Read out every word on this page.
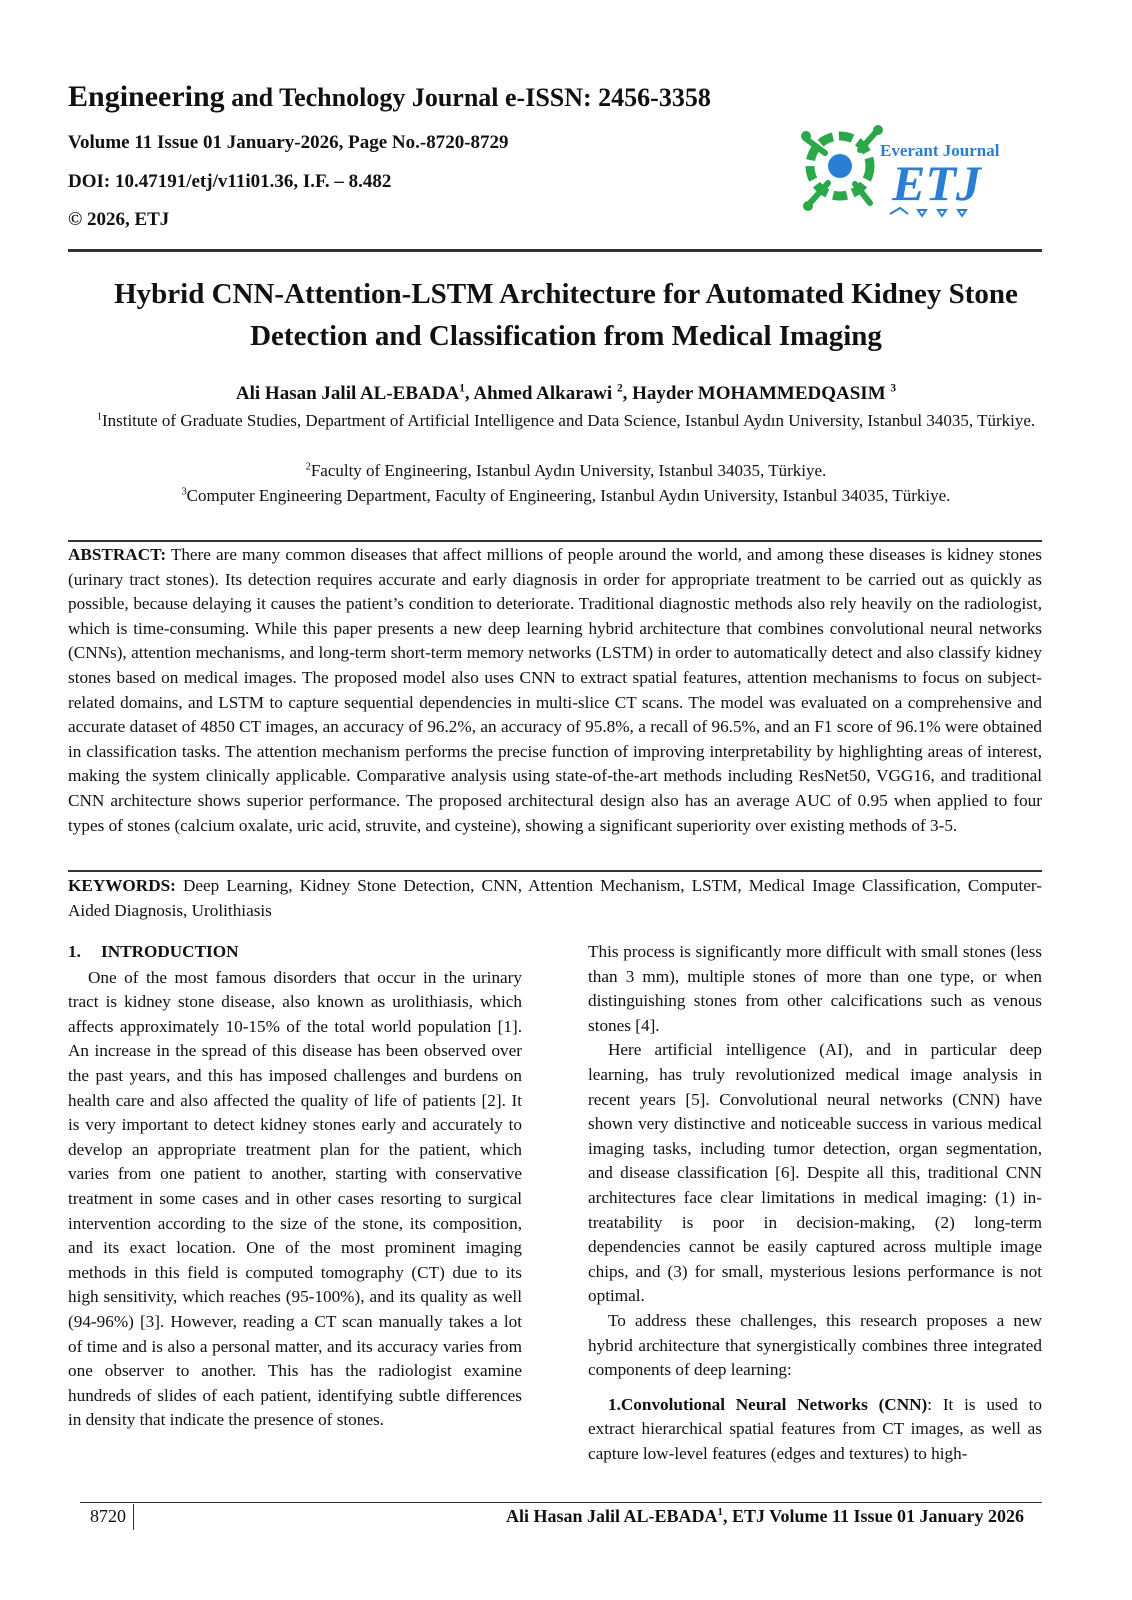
Engineering and Technology Journal e-ISSN: 2456-3358

Volume 11 Issue 01 January-2026, Page No.-8720-8729

DOI: 10.47191/etj/v11i01.36, I.F. – 8.482

© 2026, ETJ

Everant Journal
ETJ
Hybrid CNN-Attention-LSTM Architecture for Automated Kidney Stone Detection and Classification from Medical Imaging
Ali Hasan Jalil AL-EBADA$^1$, Ahmed Alkarawi $^2$, Hayder MOHAMMEDQASIM $^3$
$^1$Institute of Graduate Studies, Department of Artificial Intelligence and Data Science, Istanbul Aydın University, Istanbul 34035, Türkiye.
$^2$Faculty of Engineering, Istanbul Aydın University, Istanbul 34035, Türkiye.
$^3$Computer Engineering Department, Faculty of Engineering, Istanbul Aydın University, Istanbul 34035, Türkiye.

ABSTRACT: There are many common diseases that affect millions of people around the world, and among these diseases is kidney stones (urinary tract stones). Its detection requires accurate and early diagnosis in order for appropriate treatment to be carried out as quickly as possible, because delaying it causes the patient’s condition to deteriorate. Traditional diagnostic methods also rely heavily on the radiologist, which is time-consuming. While this paper presents a new deep learning hybrid architecture that combines convolutional neural networks (CNNs), attention mechanisms, and long-term short-term memory networks (LSTM) in order to automatically detect and also classify kidney stones based on medical images. The proposed model also uses CNN to extract spatial features, attention mechanisms to focus on subject- related domains, and LSTM to capture sequential dependencies in multi-slice CT scans. The model was evaluated on a comprehensive and accurate dataset of 4850 CT images, an accuracy of 96.2%, an accuracy of 95.8%, a recall of 96.5%, and an F1 score of 96.1% were obtained in classification tasks. The attention mechanism performs the precise function of improving interpretability by highlighting areas of interest, making the system clinically applicable. Comparative analysis using state-of-the-art methods including ResNet50, VGG16, and traditional CNN architecture shows superior performance. The proposed architectural design also has an average AUC of 0.95 when applied to four types of stones (calcium oxalate, uric acid, struvite, and cysteine), showing a significant superiority over existing methods of 3-5.

KEYWORDS: Deep Learning, Kidney Stone Detection, CNN, Attention Mechanism, LSTM, Medical Image Classification, Computer-Aided Diagnosis, Urolithiasis

1. INTRODUCTION

One of the most famous disorders that occur in the urinary tract is kidney stone disease, also known as urolithiasis, which affects approximately 10-15% of the total world population [1]. An increase in the spread of this disease has been observed over the past years, and this has imposed challenges and burdens on health care and also affected the quality of life of patients [2]. It is very important to detect kidney stones early and accurately to develop an appropriate treatment plan for the patient, which varies from one patient to another, starting with conservative treatment in some cases and in other cases resorting to surgical intervention according to the size of the stone, its composition, and its exact location. One of the most prominent imaging methods in this field is computed tomography (CT) due to its high sensitivity, which reaches (95-100%), and its quality as well (94-96%) [3]. However, reading a CT scan manually takes a lot of time and is also a personal matter, and its accuracy varies from one observer to another. This has the radiologist examine hundreds of slides of each patient, identifying subtle differences in density that indicate the presence of stones.

This process is significantly more difficult with small stones (less than 3 mm), multiple stones of more than one type, or when distinguishing stones from other calcifications such as venous stones [4].

Here artificial intelligence (AI), and in particular deep learning, has truly revolutionized medical image analysis in recent years [5]. Convolutional neural networks (CNN) have shown very distinctive and noticeable success in various medical imaging tasks, including tumor detection, organ segmentation, and disease classification [6]. Despite all this, traditional CNN architectures face clear limitations in medical imaging: (1) in- treatability is poor in decision-making, (2) long-term dependencies cannot be easily captured across multiple image chips, and (3) for small, mysterious lesions performance is not optimal.

To address these challenges, this research proposes a new hybrid architecture that synergistically combines three integrated components of deep learning:

1.Convolutional Neural Networks (CNN): It is used to extract hierarchical spatial features from CT images, as well as capture low-level features (edges and textures) to high-

8720	Ali Hasan Jalil AL-EBADA$^1$, ETJ Volume 11 Issue 01 January 2026
